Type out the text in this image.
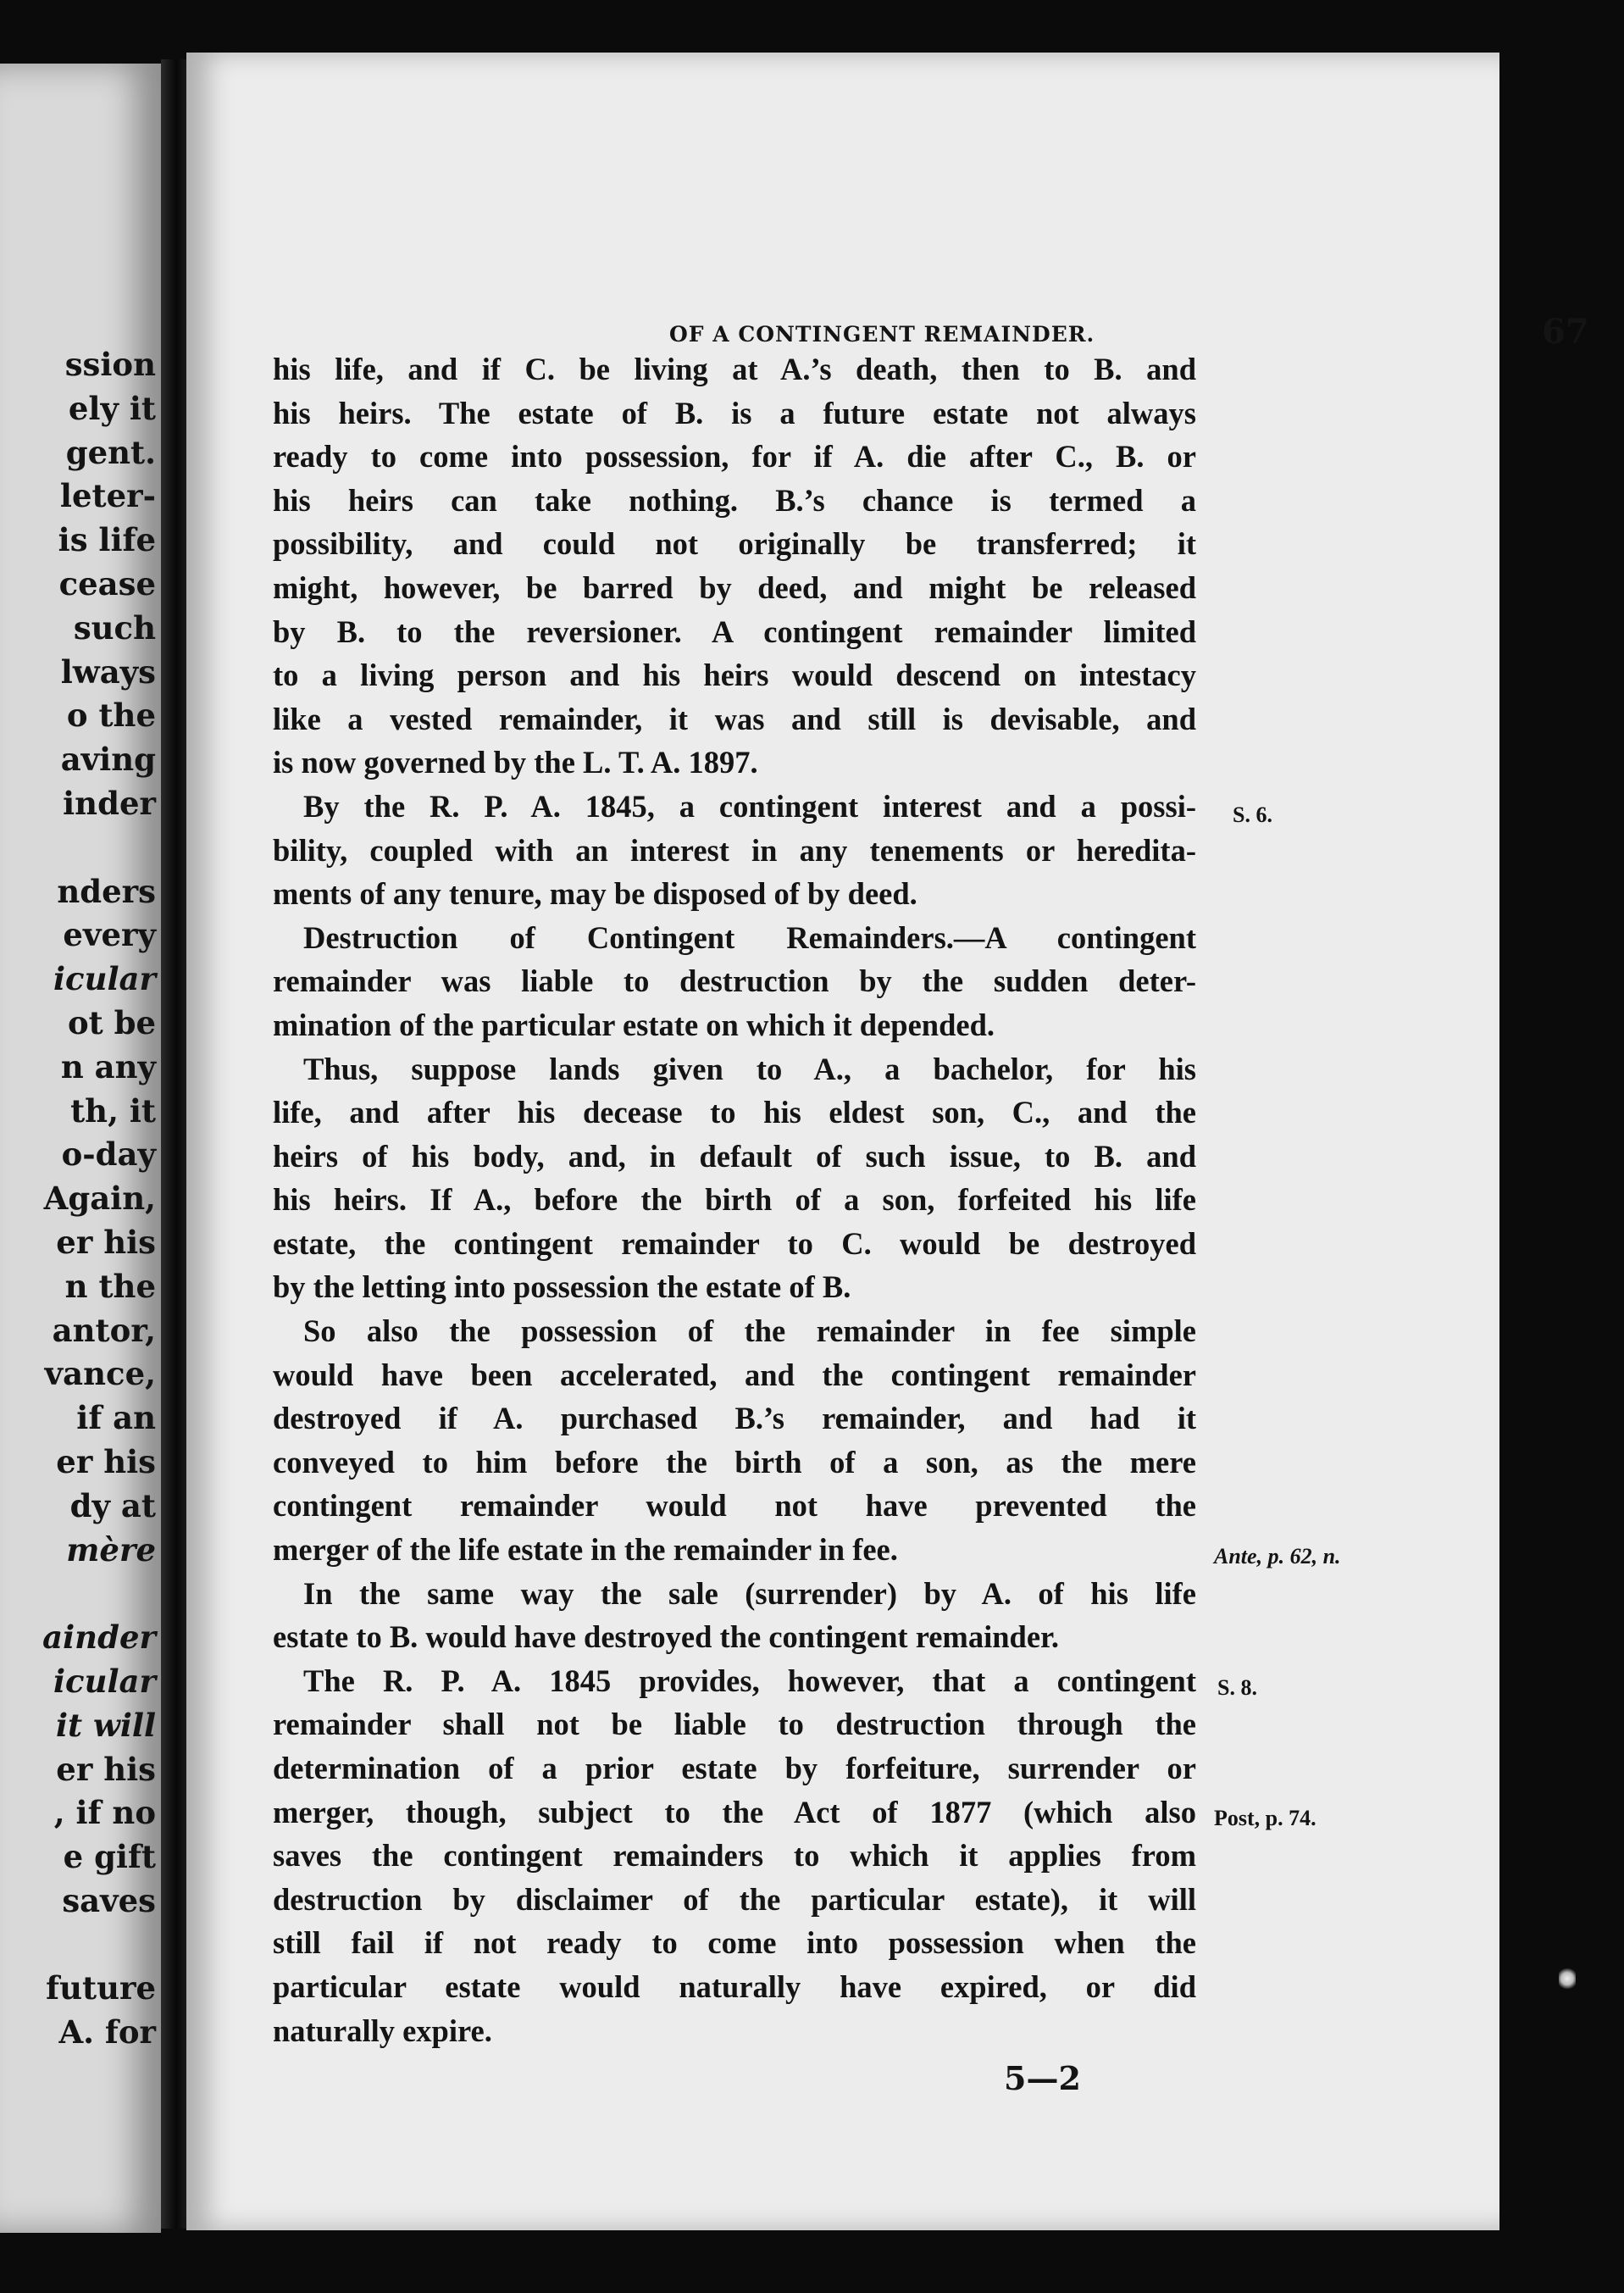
ssion
ely it
gent.
leter-
is life
cease
such
lways
o the
aving
inder

nders
every
icular
ot be
n any
th, it
o-day
Again,
er his
n the
antor,
vance,
if an
er his
dy at
mère

ainder
icular
it will
er his
, if no
e gift
saves

future
A. for
OF A CONTINGENT REMAINDER.	67
his life, and if C. be living at A.’s death, then to B. and
his heirs. The estate of B. is a future estate not always
ready to come into possession, for if A. die after C., B. or
his heirs can take nothing. B.’s chance is termed a
possibility, and could not originally be transferred; it
might, however, be barred by deed, and might be released
by B. to the reversioner. A contingent remainder limited
to a living person and his heirs would descend on intestacy
like a vested remainder, it was and still is devisable, and
is now governed by the L. T. A. 1897.
By the R. P. A. 1845, a contingent interest and a possi-
bility, coupled with an interest in any tenements or heredita-
ments of any tenure, may be disposed of by deed.
Destruction of Contingent Remainders.—A contingent
remainder was liable to destruction by the sudden deter-
mination of the particular estate on which it depended.
Thus, suppose lands given to A., a bachelor, for his
life, and after his decease to his eldest son, C., and the
heirs of his body, and, in default of such issue, to B. and
his heirs. If A., before the birth of a son, forfeited his life
estate, the contingent remainder to C. would be destroyed
by the letting into possession the estate of B.
So also the possession of the remainder in fee simple
would have been accelerated, and the contingent remainder
destroyed if A. purchased B.’s remainder, and had it
conveyed to him before the birth of a son, as the mere
contingent remainder would not have prevented the
merger of the life estate in the remainder in fee.
In the same way the sale (surrender) by A. of his life
estate to B. would have destroyed the contingent remainder.
The R. P. A. 1845 provides, however, that a contingent
remainder shall not be liable to destruction through the
determination of a prior estate by forfeiture, surrender or
merger, though, subject to the Act of 1877 (which also
saves the contingent remainders to which it applies from
destruction by disclaimer of the particular estate), it will
still fail if not ready to come into possession when the
particular estate would naturally have expired, or did
naturally expire.
S. 6.
Ante, p. 62, n.
S. 8.
Post, p. 74.
5—2
